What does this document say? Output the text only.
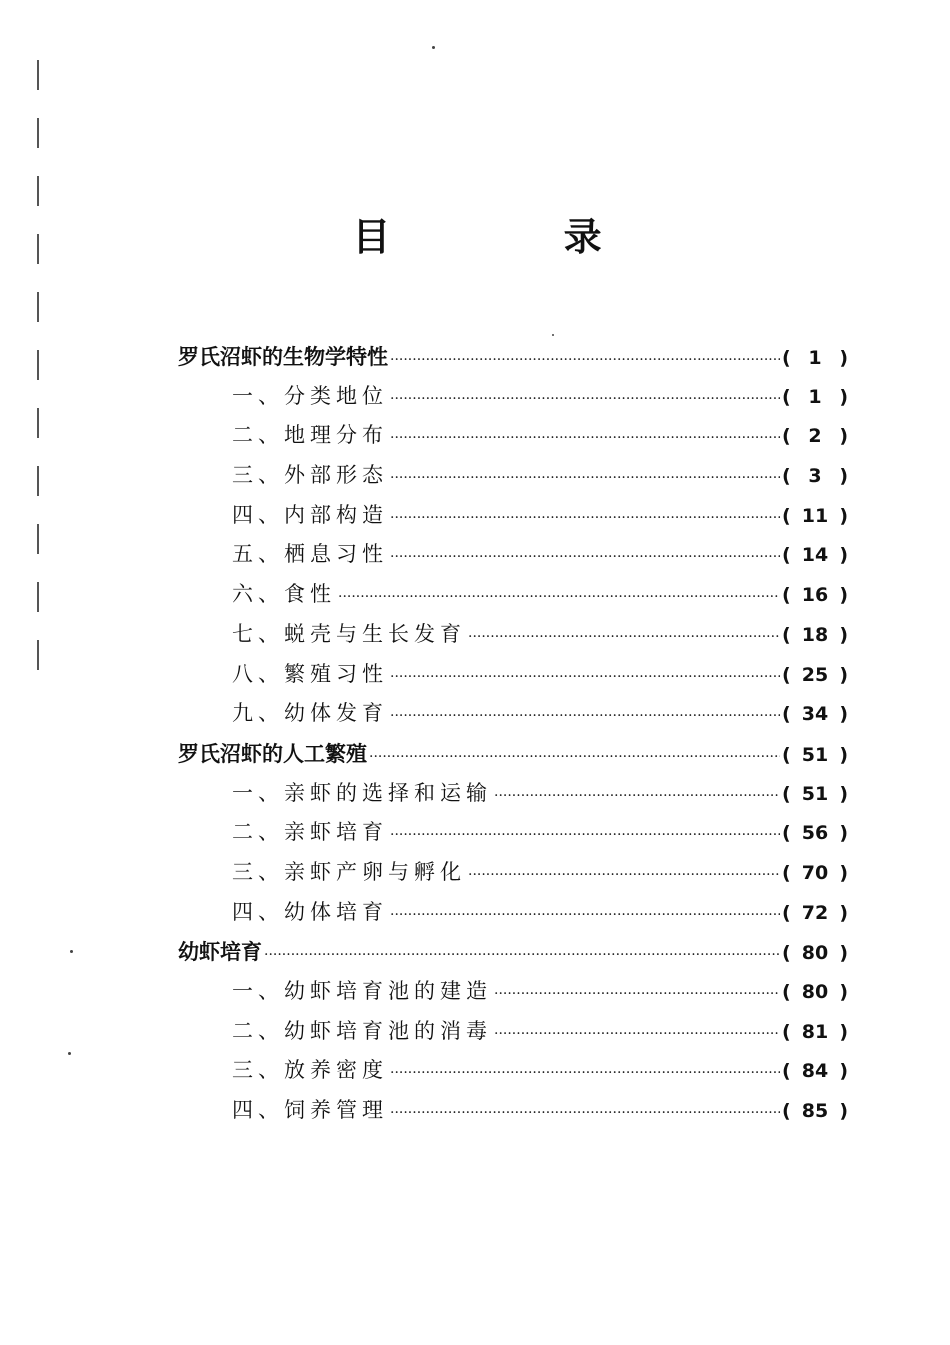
目 录
罗氏沼虾的生物学特性 ·····	( 1 )
一、分类地位 ·····	( 1 )
二、地理分布 ·····	( 2 )
三、外部形态 ·····	( 3 )
四、内部构造 ·····	( 11 )
五、栖息习性 ·····	( 14 )
六、食性 ·····	( 16 )
七、蜕壳与生长发育 ·····	( 18 )
八、繁殖习性 ·····	( 25 )
九、幼体发育 ·····	( 34 )
罗氏沼虾的人工繁殖 ·····	( 51 )
一、亲虾的选择和运输 ·····	( 51 )
二、亲虾培育 ·····	( 56 )
三、亲虾产卵与孵化 ·····	( 70 )
四、幼体培育 ·····	( 72 )
幼虾培育 ·····	( 80 )
一、幼虾培育池的建造 ·····	( 80 )
二、幼虾培育池的消毒 ·····	( 81 )
三、放养密度 ·····	( 84 )
四、饲养管理 ·····	( 85 )
